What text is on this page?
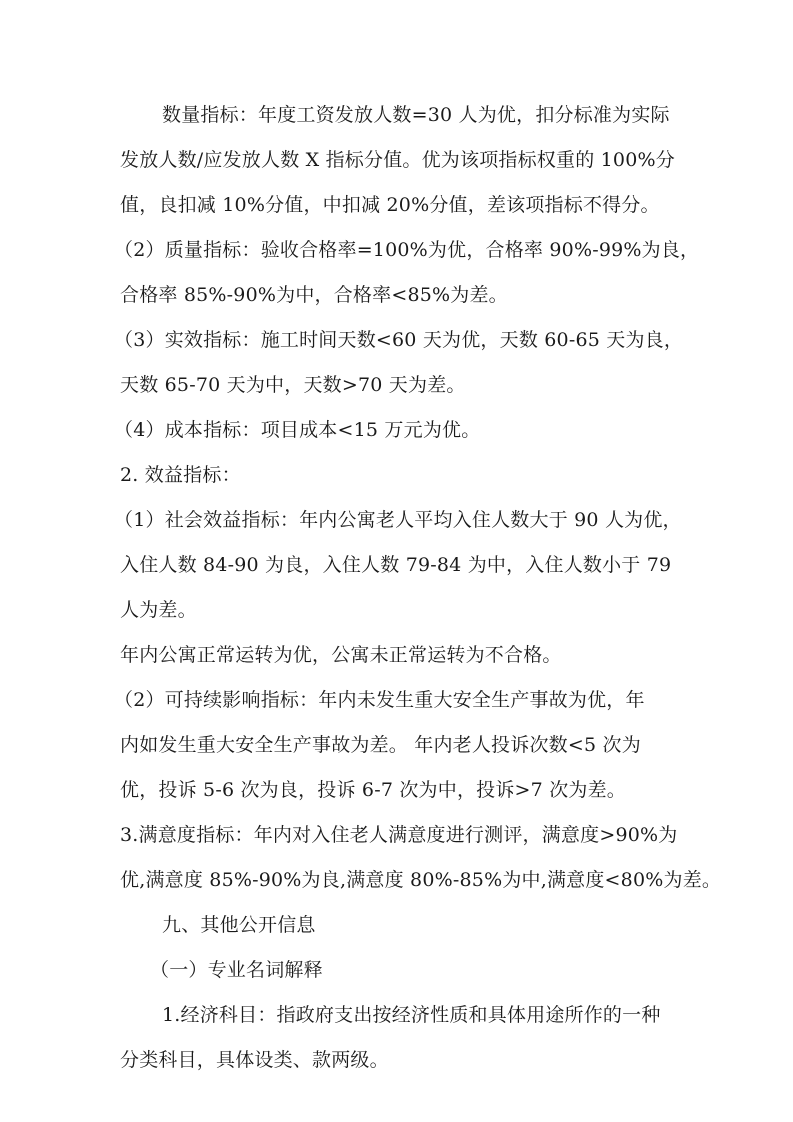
数量指标：年度工资发放人数=30 人为优，扣分标准为实际
发放人数/应发放人数 X 指标分值。优为该项指标权重的 100%分
值，良扣减 10%分值，中扣减 20%分值，差该项指标不得分。
（2）质量指标：验收合格率=100%为优，合格率 90%-99%为良，
合格率 85%-90%为中，合格率<85%为差。
（3）实效指标：施工时间天数<60 天为优，天数 60-65 天为良，
天数 65-70 天为中，天数>70 天为差。
（4）成本指标：项目成本<15 万元为优。
2. 效益指标：
（1）社会效益指标：年内公寓老人平均入住人数大于 90 人为优，
入住人数 84-90 为良，入住人数 79-84 为中，入住人数小于 79
人为差。
年内公寓正常运转为优，公寓未正常运转为不合格。
（2）可持续影响指标：年内未发生重大安全生产事故为优，年
内如发生重大安全生产事故为差。 年内老人投诉次数<5 次为
优，投诉 5-6 次为良，投诉 6-7 次为中，投诉>7 次为差。
3.满意度指标：年内对入住老人满意度进行测评，满意度>90%为
优,满意度 85%-90%为良,满意度 80%-85%为中,满意度<80%为差。
九、其他公开信息
（一）专业名词解释
1.经济科目：指政府支出按经济性质和具体用途所作的一种
分类科目，具体设类、款两级。
